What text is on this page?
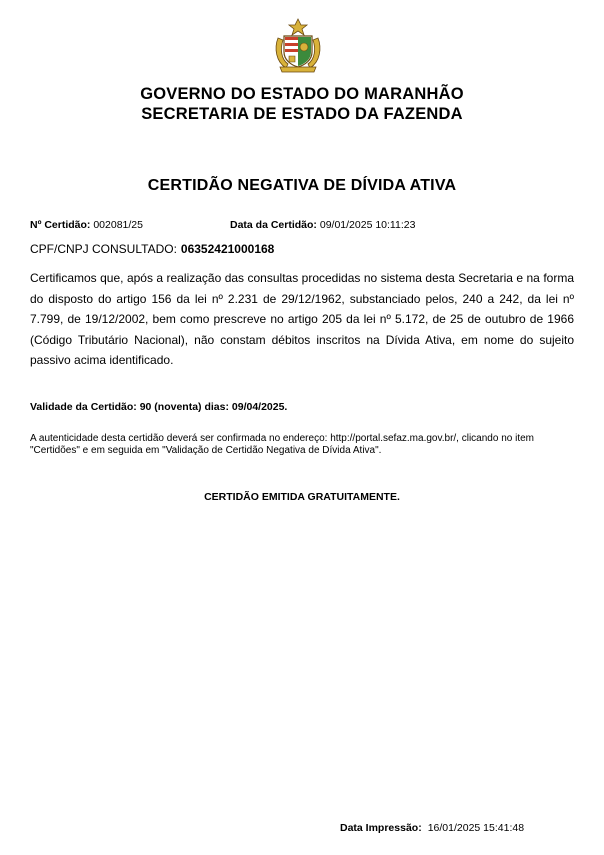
GOVERNO DO ESTADO DO MARANHÃO
SECRETARIA DE ESTADO DA FAZENDA
CERTIDÃO NEGATIVA DE DÍVIDA ATIVA
Nº Certidão: 002081/25	Data da Certidão: 09/01/2025 10:11:23
CPF/CNPJ CONSULTADO: 06352421000168
Certificamos que, após a realização das consultas procedidas no sistema desta Secretaria e na forma do disposto do artigo 156 da lei nº 2.231 de 29/12/1962, substanciado pelos, 240 a 242, da lei nº 7.799, de 19/12/2002, bem como prescreve no artigo 205 da lei nº 5.172, de 25 de outubro de 1966 (Código Tributário Nacional), não constam débitos inscritos na Dívida Ativa, em nome do sujeito passivo acima identificado.
Validade da Certidão: 90 (noventa) dias: 09/04/2025.
A autenticidade desta certidão deverá ser confirmada no endereço: http://portal.sefaz.ma.gov.br/, clicando no item "Certidões" e em seguida em "Validação de Certidão Negativa de Dívida Ativa".
CERTIDÃO EMITIDA GRATUITAMENTE.
Data Impressão: 16/01/2025 15:41:48
